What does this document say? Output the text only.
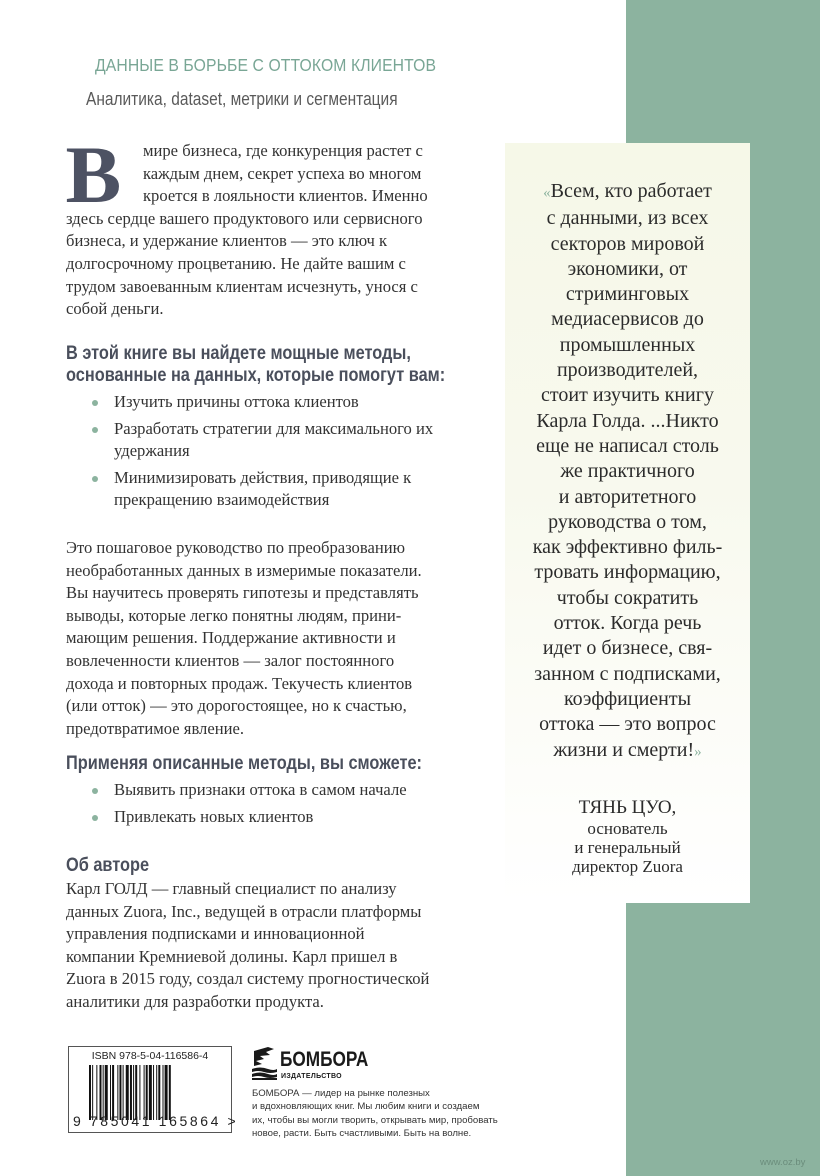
«Всем, кто работает
с данными, из всех
секторов мировой
экономики, от
стриминговых
медиасервисов до
промышленных
производителей,
стоит изучить книгу
Карла Голда. ...Никто
еще не написал столь
же практичного
и авторитетного
руководства о том,
как эффективно филь-
тровать информацию,
чтобы сократить
отток. Когда речь
идет о бизнесе, свя-
занном с подписками,
коэффициенты
оттока — это вопрос
жизни и смерти!»
ТЯНЬ ЦУО,
основатель
и генеральный
директор Zuora
ДАННЫЕ В БОРЬБЕ С ОТТОКОМ КЛИЕНТОВ
Аналитика, dataset, метрики и сегментация
В	мире бизнеса, где конкуренция растет с
каждым днем, секрет успеха во многом
кроется в лояльности клиентов. Именно
здесь сердце вашего продуктового или сервисного
бизнеса, и удержание клиентов — это ключ к
долгосрочному процветанию. Не дайте вашим с
трудом завоеванным клиентам исчезнуть, унося с
собой деньги.

В этой книге вы найдете мощные методы,
основанные на данных, которые помогут вам:
Изучить причины оттока клиентов
Разработать стратегии для максимального их
удержания
Минимизировать действия, приводящие к
прекращению взаимодействия

Это пошаговое руководство по преобразованию
необработанных данных в измеримые показатели.
Вы научитесь проверять гипотезы и представлять
выводы, которые легко понятны людям, прини-
мающим решения. Поддержание активности и
вовлеченности клиентов — залог постоянного
дохода и повторных продаж. Текучесть клиентов
(или отток) — это дорогостоящее, но к счастью,
предотвратимое явление.

Применяя описанные методы, вы сможете:
Выявить признаки оттока в самом начале
Привлекать новых клиентов
Об авторе

Карл ГОЛД — главный специалист по анализу
данных Zuora, Inc., ведущей в отрасли платформы
управления подписками и инновационной
компании Кремниевой долины. Карл пришел в
Zuora в 2015 году, создал систему прогностической
аналитики для разработки продукта.

ISBN 978-5-04-116586-4
9 785041 165864 >
БОМБОРА
ИЗДАТЕЛЬСТВО
БОМБОРА — лидер на рынке полезных
и вдохновляющих книг. Мы любим книги и создаем
их, чтобы вы могли творить, открывать мир, пробовать
новое, расти. Быть счастливыми. Быть на волне.
www.oz.by
